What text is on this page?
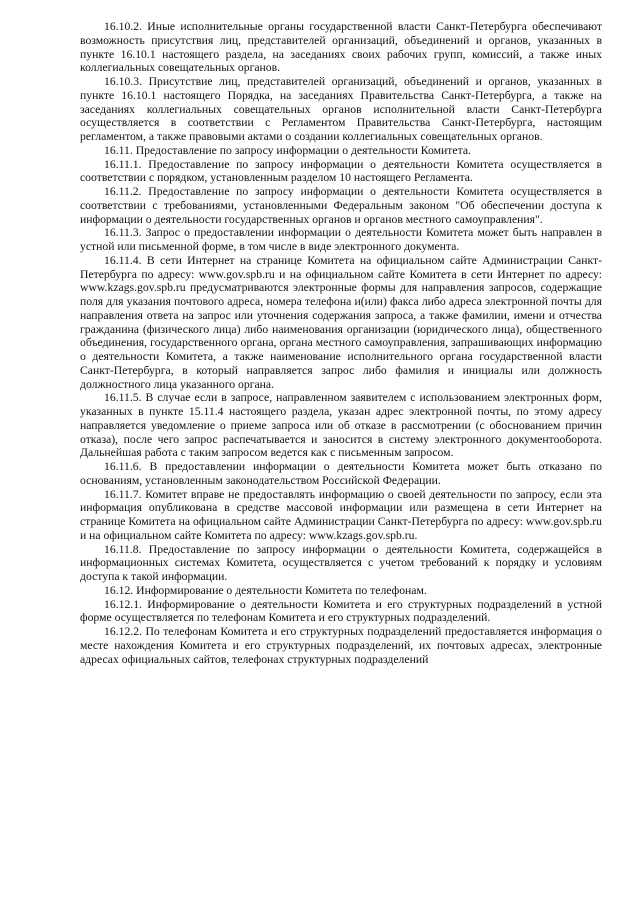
16.10.2. Иные исполнительные органы государственной власти Санкт-Петербурга обеспечивают возможность присутствия лиц, представителей организаций, объединений и органов, указанных в пункте 16.10.1 настоящего раздела, на заседаниях своих рабочих групп, комиссий, а также иных коллегиальных совещательных органов.

16.10.3. Присутствие лиц, представителей организаций, объединений и органов, указанных в пункте 16.10.1 настоящего Порядка, на заседаниях Правительства Санкт-Петербурга, а также на заседаниях коллегиальных совещательных органов исполнительной власти Санкт-Петербурга осуществляется в соответствии с Регламентом Правительства Санкт-Петербурга, настоящим регламентом, а также правовыми актами о создании коллегиальных совещательных органов.

16.11. Предоставление по запросу информации о деятельности Комитета.

16.11.1. Предоставление по запросу информации о деятельности Комитета осуществляется в соответствии с порядком, установленным разделом 10 настоящего Регламента.

16.11.2. Предоставление по запросу информации о деятельности Комитета осуществляется в соответствии с требованиями, установленными Федеральным законом "Об обеспечении доступа к информации о деятельности государственных органов и органов местного самоуправления".

16.11.3. Запрос о предоставлении информации о деятельности Комитета может быть направлен в устной или письменной форме, в том числе в виде электронного документа.

16.11.4. В сети Интернет на странице Комитета на официальном сайте Администрации Санкт-Петербурга по адресу: www.gov.spb.ru и на официальном сайте Комитета в сети Интернет по адресу: www.kzags.gov.spb.ru предусматриваются электронные формы для направления запросов, содержащие поля для указания почтового адреса, номера телефона и(или) факса либо адреса электронной почты для направления ответа на запрос или уточнения содержания запроса, а также фамилии, имени и отчества гражданина (физического лица) либо наименования организации (юридического лица), общественного объединения, государственного органа, органа местного самоуправления, запрашивающих информацию о деятельности Комитета, а также наименование исполнительного органа государственной власти Санкт-Петербурга, в который направляется запрос либо фамилия и инициалы или должность должностного лица указанного органа.

16.11.5. В случае если в запросе, направленном заявителем с использованием электронных форм, указанных в пункте 15.11.4 настоящего раздела, указан адрес электронной почты, по этому адресу направляется уведомление о приеме запроса или об отказе в рассмотрении (с обоснованием причин отказа), после чего запрос распечатывается и заносится в систему электронного документооборота. Дальнейшая работа с таким запросом ведется как с письменным запросом.

16.11.6. В предоставлении информации о деятельности Комитета может быть отказано по основаниям, установленным законодательством Российской Федерации.

16.11.7. Комитет вправе не предоставлять информацию о своей деятельности по запросу, если эта информация опубликована в средстве массовой информации или размещена в сети Интернет на странице Комитета на официальном сайте Администрации Санкт-Петербурга по адресу: www.gov.spb.ru и на официальном сайте Комитета по адресу: www.kzags.gov.spb.ru.

16.11.8. Предоставление по запросу информации о деятельности Комитета, содержащейся в информационных системах Комитета, осуществляется с учетом требований к порядку и условиям доступа к такой информации.

16.12. Информирование о деятельности Комитета по телефонам.

16.12.1. Информирование о деятельности Комитета и его структурных подразделений в устной форме осуществляется по телефонам Комитета и его структурных подразделений.

16.12.2. По телефонам Комитета и его структурных подразделений предоставляется информация о месте нахождения Комитета и его структурных подразделений, их почтовых адресах, электронные адресах официальных сайтов, телефонах структурных подразделений
